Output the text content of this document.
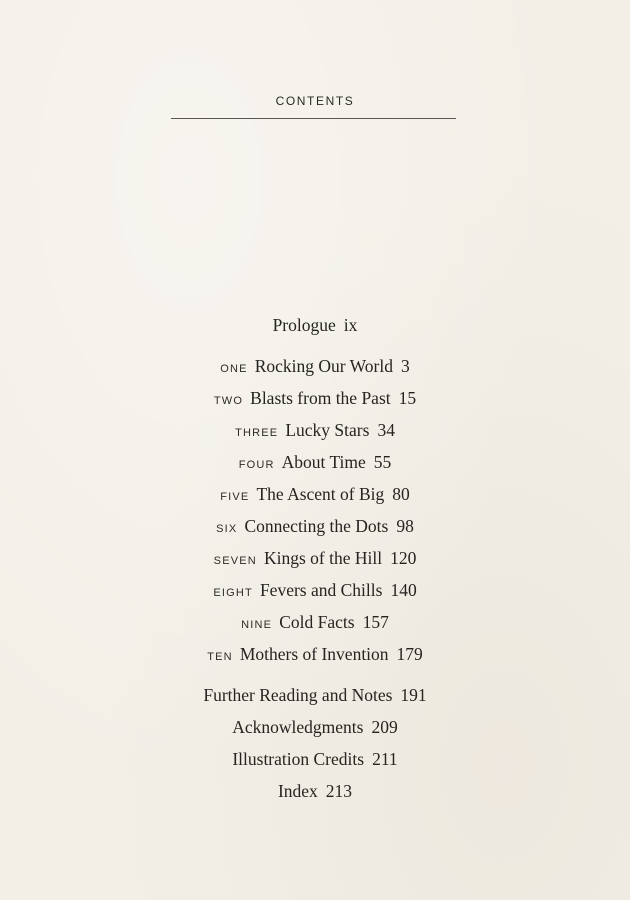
CONTENTS
Prologue ix
ONE Rocking Our World 3
TWO Blasts from the Past 15
THREE Lucky Stars 34
FOUR About Time 55
FIVE The Ascent of Big 80
SIX Connecting the Dots 98
SEVEN Kings of the Hill 120
EIGHT Fevers and Chills 140
NINE Cold Facts 157
TEN Mothers of Invention 179
Further Reading and Notes 191
Acknowledgments 209
Illustration Credits 211
Index 213
